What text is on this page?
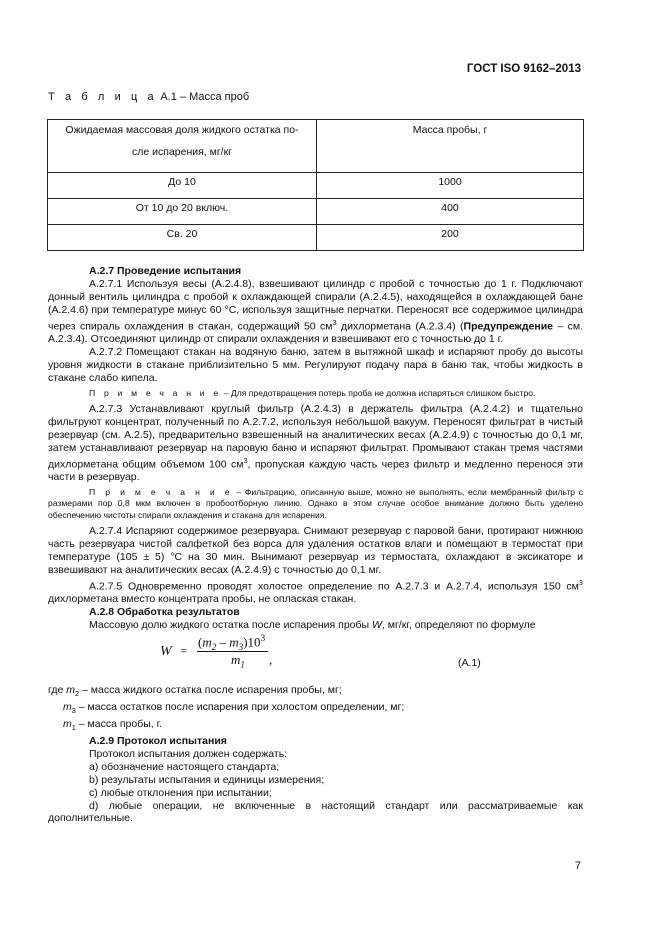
ГОСТ ISO 9162–2013
Т а б л и ц а А.1 – Масса проб
Ожидаемая массовая доля жидкого остатка по-
сле испарения, мг/кг	Масса пробы, г

До 10	1000

От 10 до 20 включ.	400

Св. 20	200

А.2.7 Проведение испытания

А.2.7.1 Используя весы (А.2.4.8), взвешивают цилиндр с пробой с точностью до 1 г. Подключают донный вентиль цилиндра с пробой к охлаждающей спирали (А.2.4.5), находящейся в охлаждающей бане (А.2.4.6) при температуре минус 60 °С, используя защитные перчатки. Переносят все содержимое цилиндра через спираль охлаждения в стакан, содержащий 50 $см^3$ дихлорметана (А.2.3.4) (Предупреждение – см. А.2.3.4). Отсоединяют цилиндр от спирали охлаждения и взвешивают его с точностью до 1 г.

А.2.7.2 Помещают стакан на водяную баню, затем в вытяжной шкаф и испаряют пробу до высоты уровня жидкости в стакане приблизительно 5 мм. Регулируют подачу пара в баню так, чтобы жидкость в стакане слабо кипела.

П р и м е ч а н и е – Для предотвращения потерь проба не должна испаряться слишком быстро.

А.2.7.3 Устанавливают круглый фильтр (А.2.4.3) в держатель фильтра (А.2.4.2) и тщательно фильтруют концентрат, полученный по А.2.7.2, используя небольшой вакуум. Переносят фильтрат в чистый резервуар (см. А.2.5), предварительно взвешенный на аналитических весах (А.2.4.9) с точностью до 0,1 мг, затем устанавливают резервуар на паровую баню и испаряют фильтрат. Промывают стакан тремя частями дихлорметана общим объемом 100 $см^3$, пропуская каждую часть через фильтр и медленно перенося эти части в резервуар.

П р и м е ч а н и е – Фильтрацию, описанную выше, можно не выполнять, если мембранный фильтр с размерами пор 0,8 мкм включен в пробоотборную линию. Однако в этом случае особое внимание должно быть уделено обеспечению чистоты спирали охлаждения и стакана для испарения.

А.2.7.4 Испаряют содержимое резервуара. Снимают резервуар с паровой бани, протирают нижнюю часть резервуара чистой салфеткой без ворса для удаления остатков влаги и помещают в термостат при температуре (105 ± 5) °С на 30 мин. Вынимают резервуар из термостата, охлаждают в эксикаторе и взвешивают на аналитических весах (А.2.4.9) с точностью до 0,1 мг.

А.2.7.5 Одновременно проводят холостое определение по А.2.7.3 и А.2.7.4, используя 150 $см^3$ дихлорметана вместо концентрата пробы, не оплаская стакан.

А.2.8 Обработка результатов

Массовую долю жидкого остатка после испарения пробы W, мг/кг, определяют по формуле

W =
$(m_2 - m_3)10^3$
$m_1$ ,	(А.1)

где $m_2$ – масса жидкого остатка после испарения пробы, мг;

$m_3$ – масса остатков после испарения при холостом определении, мг;

$m_1$ – масса пробы, г.

А.2.9 Протокол испытания

Протокол испытания должен содержать:

а) обозначение настоящего стандарта;

b) результаты испытания и единицы измерения;

с) любые отклонения при испытании;

d) любые операции, не включенные в настоящий стандарт или рассматриваемые как дополнительные.

7
